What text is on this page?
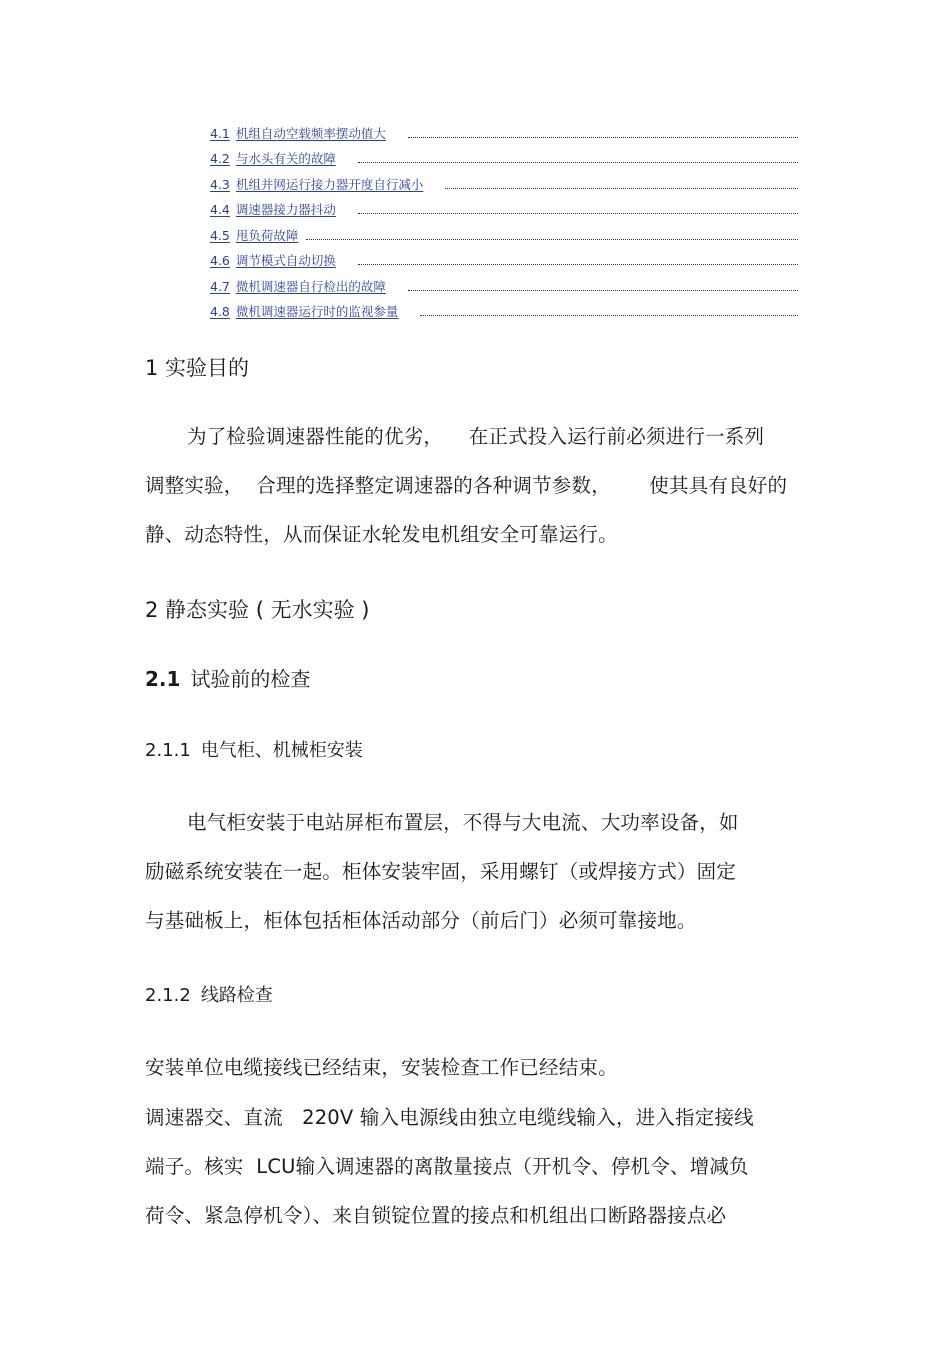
4.1 机组自动空载频率摆动值大
4.2 与水头有关的故障
4.3 机组并网运行接力器开度自行减小
4.4 调速器接力器抖动
4.5 甩负荷故障
4.6 调节模式自动切换
4.7 微机调速器自行检出的故障
4.8 微机调速器运行时的监视参量
1 实验目的
为了检验调速器性能的优劣，    在正式投入运行前必须进行一系列
调整实验，  合理的选择整定调速器的各种调节参数，      使其具有良好的
静、动态特性，从而保证水轮发电机组安全可靠运行。
2 静态实验 ( 无水实验 )
2.1 试验前的检查
2.1.1 电气柜、机械柜安装
电气柜安装于电站屏柜布置层，不得与大电流、大功率设备，如
励磁系统安装在一起。柜体安装牢固，采用螺钉（或焊接方式）固定
与基础板上，柜体包括柜体活动部分（前后门）必须可靠接地。
2.1.2 线路检查
安装单位电缆接线已经结束，安装检查工作已经结束。
调速器交、直流   220V 输入电源线由独立电缆线输入，进入指定接线
端子。核实  LCU输入调速器的离散量接点（开机令、停机令、增减负
荷令、紧急停机令）、来自锁锭位置的接点和机组出口断路器接点必
